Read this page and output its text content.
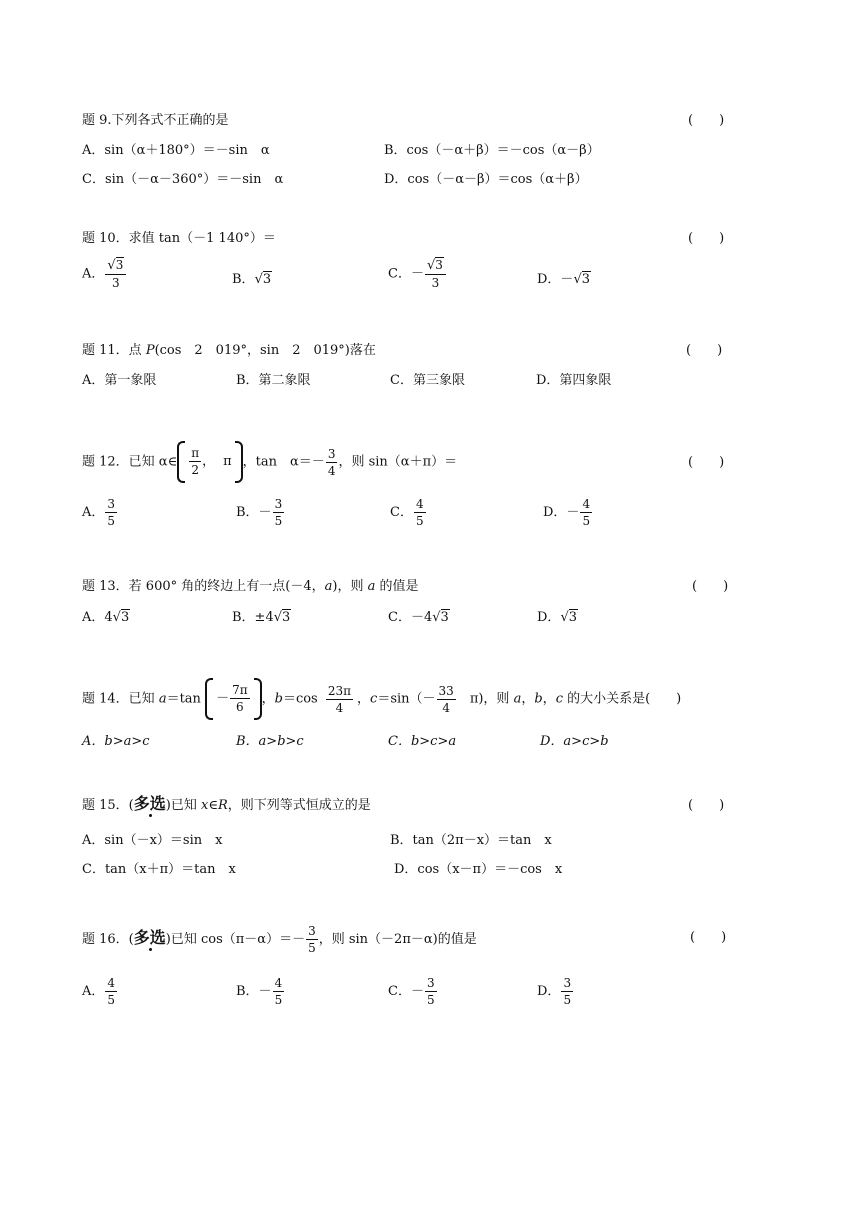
题 9.下列各式不正确的是	(　　)
A．sin（α＋180°）＝－sin　α	B．cos（－α＋β）＝－cos（α－β）
C．sin（－α－360°）＝－sin　α	D．cos（－α－β）＝cos（α＋β）
题 10．求值 tan（－1 140°）＝	(　　)
A． $\frac{√3}{3}$	B．√3	C．－ $\frac{√3}{3}$	D．－√3
题 11．点 P(cos　2　019°，sin　2　019°)落在	(　　)
A．第一象限	B．第二象限	C．第三象限	D．第四象限
题 12．已知 α∈ $\frac{\pi}{2}$ ， π ，tan　$\alpha=- \frac{3}{4}$ ，则 sin（α＋π）＝	(　　)
A． $\frac{3}{5}$	B．－ $\frac{3}{5}$	C． $\frac{4}{5}$	D．－ $\frac{4}{5}$
题 13．若 600° 角的终边上有一点(－4，a)，则 a 的值是	(　　)
A．4√3	B．±4√3	C．－4√3	D．√3
题 14．已知 $a=\tan - \frac{7\pi}{6}$ ，$b=\cos \frac{23\pi}{4}$ ，$c=\sin(- \frac{33}{4}$ 　π)，则 a，b，c 的大小关系是(　　)
A．b>a>c	B．a>b>c	C．b>c>a	D．a>c>b
题 15．(多选)已知 x∈R，则下列等式恒成立的是	(　　)
A．sin（－x）＝sin　x	B．tan（2π－x）＝tan　x
C．tan（x＋π）＝tan　x	D．cos（x－π）＝－cos　x
题 16．(多选)已知 $\cos(\pi-\alpha)=- \frac{3}{5}$ ，则 sin（－2π－α)的值是	(　　)
A． $\frac{4}{5}$	B．－ $\frac{4}{5}$	C．－ $\frac{3}{5}$	D． $\frac{3}{5}$
